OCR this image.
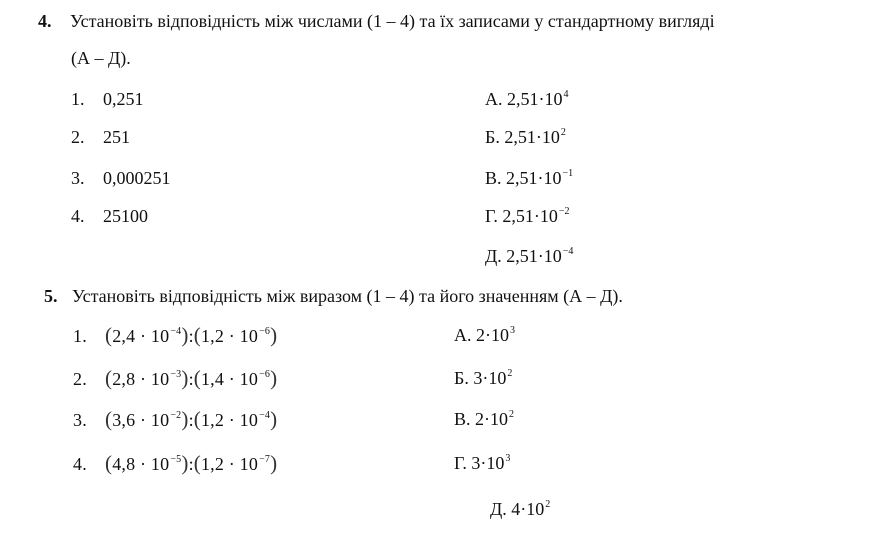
4. Установіть відповідність між числами (1 – 4) та їх записами у стандартному вигляді
(А – Д).
1. 0,251
2. 251
3. 0,000251
4. 25100
А. $2,51\cdot 10^4$
Б. $2,51\cdot 10^2$
В. $2,51\cdot 10^{-1}$
Г. $2,51\cdot 10^{-2}$
Д. $2,51\cdot 10^{-4}$
5. Установіть відповідність між виразом (1 – 4) та його значенням (А – Д).
1. $(2,4 \cdot 10^{-4}):(1,2 \cdot 10^{-6})$
2. $(2,8 \cdot 10^{-3}):(1,4 \cdot 10^{-6})$
3. $(3,6 \cdot 10^{-2}):(1,2 \cdot 10^{-4})$
4. $(4,8 \cdot 10^{-5}):(1,2 \cdot 10^{-7})$
А. $2\cdot 10^3$
Б. $3\cdot 10^2$
В. $2\cdot 10^2$
Г. $3\cdot 10^3$
Д. $4\cdot 10^2$
